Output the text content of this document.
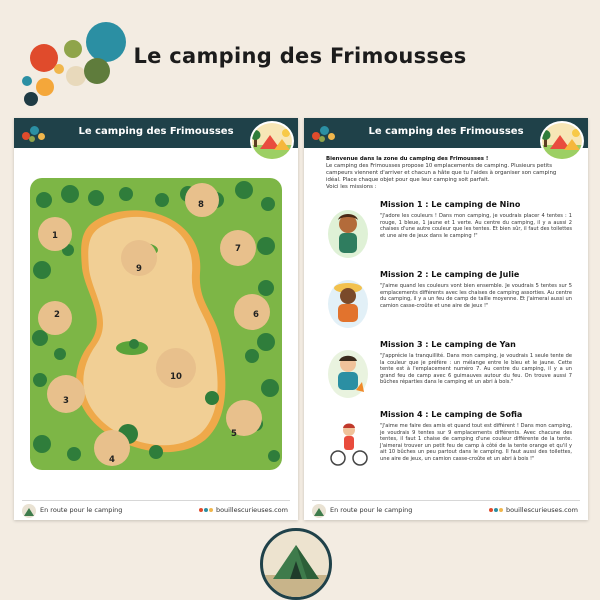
Le camping des Frimousses
Le camping des Frimousses
1
2
3
4
5
6
7
8
9
10
En route pour le camping	bouillescurieuses.com
Le camping des Frimousses
Bienvenue dans la zone du camping des Frimousses !
Le camping des Frimousses propose 10 emplacements de camping. Plusieurs petits campeurs viennent d'arriver et chacun a hâte que tu l'aides à organiser son camping idéal. Place chaque objet pour que leur camping soit parfait.
Voici les missions :
Mission 1 : Le camping de Nino
"J'adore les couleurs ! Dans mon camping, je voudrais placer 4 tentes : 1 rouge, 1 bleue, 1 jaune et 1 verte. Au centre du camping, il y a aussi 2 chaises d'une autre couleur que les tentes. Et bien sûr, il faut des toilettes et une aire de jeux dans le camping !"
Mission 2 : Le camping de Julie
"J'aime quand les couleurs vont bien ensemble. Je voudrais 5 tentes sur 5 emplacements différents avec les chaises de camping assorties. Au centre du camping, il y a un feu de camp de taille moyenne. Et j'aimerai aussi un camion casse-croûte et une aire de jeux !"
Mission 3 : Le camping de Yan
"J'apprécie la tranquillité. Dans mon camping, je voudrais 1 seule tente de la couleur que je préfère : un mélange entre le bleu et le jaune. Cette tente est à l'emplacement numéro 7. Au centre du camping, il y a un grand feu de camp avec 6 guimauves autour du feu. On trouve aussi 7 bûches réparties dans le camping et un abri à bois."
Mission 4 : Le camping de Sofia
"J'aime me faire des amis et quand tout est différent ! Dans mon camping, je voudrais 9 tentes sur 9 emplacements différents. Avec chacune des tentes, il faut 1 chaise de camping d'une couleur différente de la tente. J'aimerai trouver un petit feu de camp à côté de la tente orange et qu'il y ait 10 bûches un peu partout dans le camping. Il faut aussi des toilettes, une aire de jeux, un camion casse-croûte et un abri à bois !"
En route pour le camping	bouillescurieuses.com
